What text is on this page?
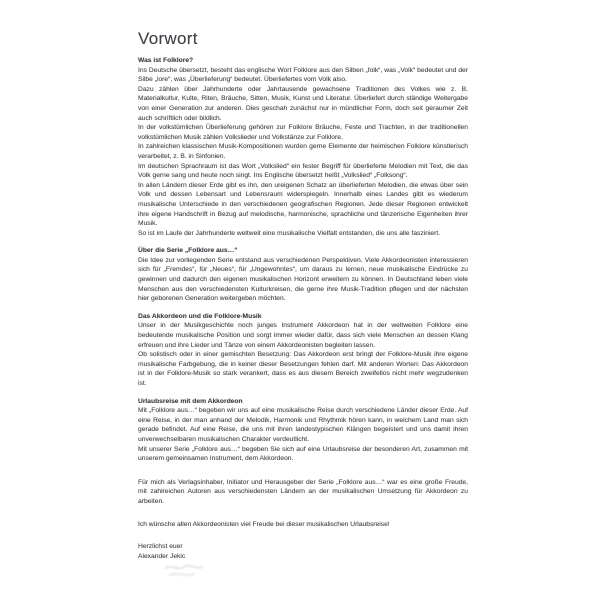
Vorwort
Was ist Folklore?

Ins Deutsche übersetzt, besteht das englische Wort Folklore aus den Silben „folk“, was „Volk“ bedeutet und der Silbe „lore“, was „Überlieferung“ bedeutet. Überliefertes vom Volk also.

Dazu zählen über Jahrhunderte oder Jahrtausende gewachsene Traditionen des Volkes wie z. B. Materialkultur, Kulte, Riten, Bräuche, Sitten, Musik, Kunst und Literatur. Überliefert durch ständige Weitergabe von einer Generation zur anderen. Dies geschah zunächst nur in mündlicher Form, doch seit geraumer Zeit auch schriftlich oder bildlich.

In der volkstümlichen Überlieferung gehören zur Folklore Bräuche, Feste und Trachten, in der traditionellen volkstümlichen Musik zählen Volkslieder und Volkstänze zur Folklore.

In zahlreichen klassischen Musik-Kompositionen wurden gerne Elemente der heimischen Folklore künstlerisch verarbeitet, z. B. in Sinfonien.

Im deutschen Sprachraum ist das Wort „Volkslied“ ein fester Begriff für überlieferte Melodien mit Text, die das Volk gerne sang und heute noch singt. Ins Englische übersetzt heißt „Volkslied“ „Folksong“.

In allen Ländern dieser Erde gibt es ihn, den ureigenen Schatz an überlieferten Melodien, die etwas über sein Volk und dessen Lebensart und Lebensraum widerspiegeln. Innerhalb eines Landes gibt es wiederum musikalische Unterschiede in den verschiedenen geografischen Regionen. Jede dieser Regionen entwickelt ihre eigene Handschrift in Bezug auf melodische, harmonische, sprachliche und tänzerische Eigenheiten ihrer Musik.

So ist im Laufe der Jahrhunderte weltweit eine musikalische Vielfalt entstanden, die uns alle fasziniert.

Über die Serie „Folklore aus…“

Die Idee zur vorliegenden Serie entstand aus verschiedenen Perspektiven. Viele Akkordeonisten interessieren sich für „Fremdes“, für „Neues“, für „Ungewohntes“, um daraus zu lernen, neue musikalische Eindrücke zu gewinnen und dadurch den eigenen musikalischen Horizont erweitern zu können. In Deutschland leben viele Menschen aus den verschiedensten Kulturkreisen, die gerne ihre Musik-Tradition pflegen und der nächsten hier geborenen Generation weitergeben möchten.

Das Akkordeon und die Folklore-Musik

Unser in der Musikgeschichte noch junges Instrument Akkordeon hat in der weltweiten Folklore eine bedeutende musikalische Position und sorgt immer wieder dafür, dass sich viele Menschen an dessen Klang erfreuen und ihre Lieder und Tänze von einem Akkordeonisten begleiten lassen.

Ob solistisch oder in einer gemischten Besetzung: Das Akkordeon erst bringt der Folklore-Musik ihre eigene musikalische Farbgebung, die in keiner dieser Besetzungen fehlen darf. Mit anderen Worten: Das Akkordeon ist in der Folklore-Musik so stark verankert, dass es aus diesem Bereich zweifellos nicht mehr wegzudenken ist.

Urlaubsreise mit dem Akkordeon

Mit „Folklore aus…“ begeben wir uns auf eine musikalische Reise durch verschiedene Länder dieser Erde. Auf eine Reise, in der man anhand der Melodik, Harmonik und Rhythmik hören kann, in welchem Land man sich gerade befindet. Auf eine Reise, die uns mit ihren landestypischen Klängen begeistert und uns damit ihren unverwechselbaren musikalischen Charakter verdeutlicht.

Mit unserer Serie „Folklore aus…“ begeben Sie sich auf eine Urlaubsreise der besonderen Art, zusammen mit unserem gemeinsamen Instrument, dem Akkordeon.

Für mich als Verlagsinhaber, Initiator und Herausgeber der Serie „Folklore aus…“ war es eine große Freude, mit zahlreichen Autoren aus verschiedensten Ländern an der musikalischen Umsetzung für Akkordeon zu arbeiten.

Ich wünsche allen Akkordeonisten viel Freude bei dieser musikalischen Urlaubsreise!

Herzlichst euer

Alexander Jekic
